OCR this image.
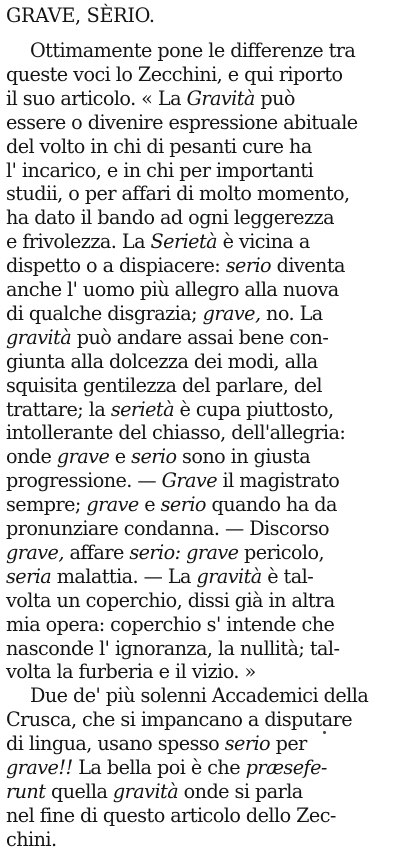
GRAVE, SÈRIO.
Ottimamente pone le differenze tra
queste voci lo Zecchini, e qui riporto
il suo articolo. « La Gravità può
essere o divenire espressione abituale
del volto in chi di pesanti cure ha
l' incarico, e in chi per importanti
studii, o per affari di molto momento,
ha dato il bando ad ogni leggerezza
e frivolezza. La Serietà è vicina a
dispetto o a dispiacere: serio diventa
anche l' uomo più allegro alla nuova
di qualche disgrazia; grave, no. La
gravità può andare assai bene con-
giunta alla dolcezza dei modi, alla
squisita gentilezza del parlare, del
trattare; la serietà è cupa piuttosto,
intollerante del chiasso, dell'allegria:
onde grave e serio sono in giusta
progressione. — Grave il magistrato
sempre; grave e serio quando ha da
pronunziare condanna. — Discorso
grave, affare serio: grave pericolo,
seria malattia. — La gravità è tal-
volta un coperchio, dissi già in altra
mia opera: coperchio s' intende che
nasconde l' ignoranza, la nullità; tal-
volta la furberia e il vizio. »
Due de' più solenni Accademici della
Crusca, che si impancano a disputare
di lingua, usano spesso serio per
grave!! La bella poi è che præsefe-
runt quella gravità onde si parla
nel fine di questo articolo dello Zec-
chini.
